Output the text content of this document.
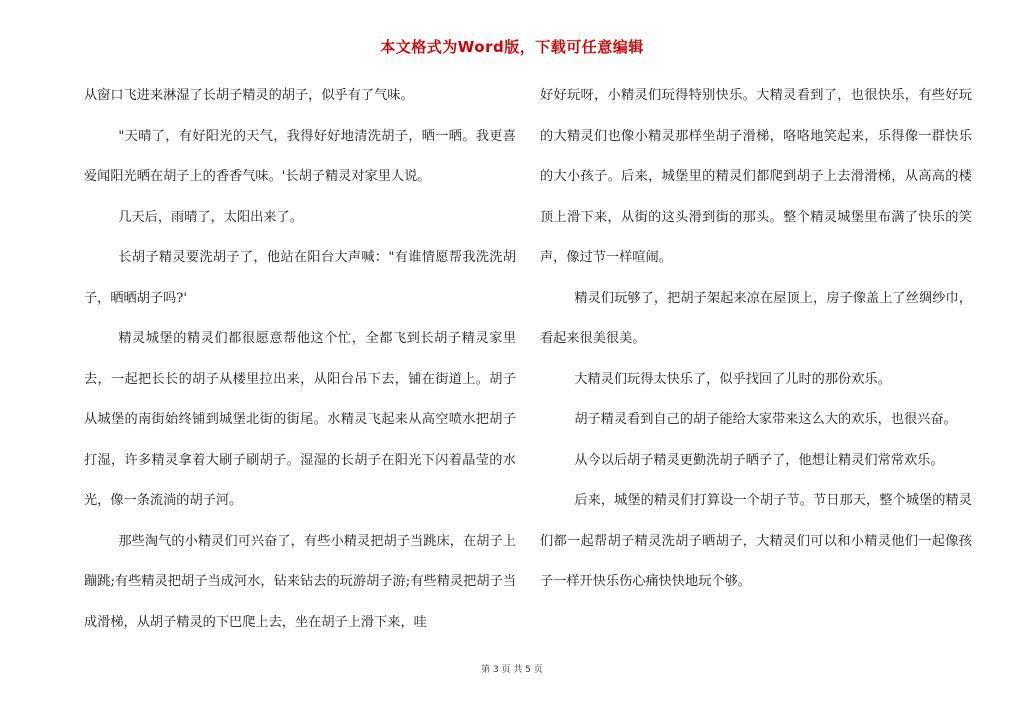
本文格式为Word版，下载可任意编辑

从窗口飞进来淋湿了长胡子精灵的胡子，似乎有了气味。

"天晴了，有好阳光的天气，我得好好地清洗胡子，晒一晒。我更喜爱闻阳光晒在胡子上的香香气味。'长胡子精灵对家里人说。

几天后，雨晴了，太阳出来了。

长胡子精灵要洗胡子了，他站在阳台大声喊："有谁情愿帮我洗洗胡子，晒晒胡子吗?'

精灵城堡的精灵们都很愿意帮他这个忙，全都飞到长胡子精灵家里去，一起把长长的胡子从楼里拉出来，从阳台吊下去，铺在街道上。胡子从城堡的南街始终铺到城堡北街的街尾。水精灵飞起来从高空喷水把胡子打湿，许多精灵拿着大刷子刷胡子。湿湿的长胡子在阳光下闪着晶莹的水光，像一条流淌的胡子河。

那些淘气的小精灵们可兴奋了，有些小精灵把胡子当跳床，在胡子上蹦跳;有些精灵把胡子当成河水，钻来钻去的玩游胡子游;有些精灵把胡子当成滑梯，从胡子精灵的下巴爬上去，坐在胡子上滑下来，哇

好好玩呀，小精灵们玩得特别快乐。大精灵看到了，也很快乐，有些好玩的大精灵们也像小精灵那样坐胡子滑梯，咯咯地笑起来，乐得像一群快乐的大小孩子。后来，城堡里的精灵们都爬到胡子上去滑滑梯，从高高的楼顶上滑下来，从街的这头滑到街的那头。整个精灵城堡里布满了快乐的笑声，像过节一样喧闹。

精灵们玩够了，把胡子架起来凉在屋顶上，房子像盖上了丝绸纱巾，看起来很美很美。

大精灵们玩得太快乐了，似乎找回了儿时的那份欢乐。

胡子精灵看到自己的胡子能给大家带来这么大的欢乐，也很兴奋。

从今以后胡子精灵更勤洗胡子晒子了，他想让精灵们常常欢乐。

后来，城堡的精灵们打算设一个胡子节。节日那天，整个城堡的精灵们都一起帮胡子精灵洗胡子晒胡子，大精灵们可以和小精灵他们一起像孩子一样开快乐伤心痛快快地玩个够。

第 3 页 共 5 页
